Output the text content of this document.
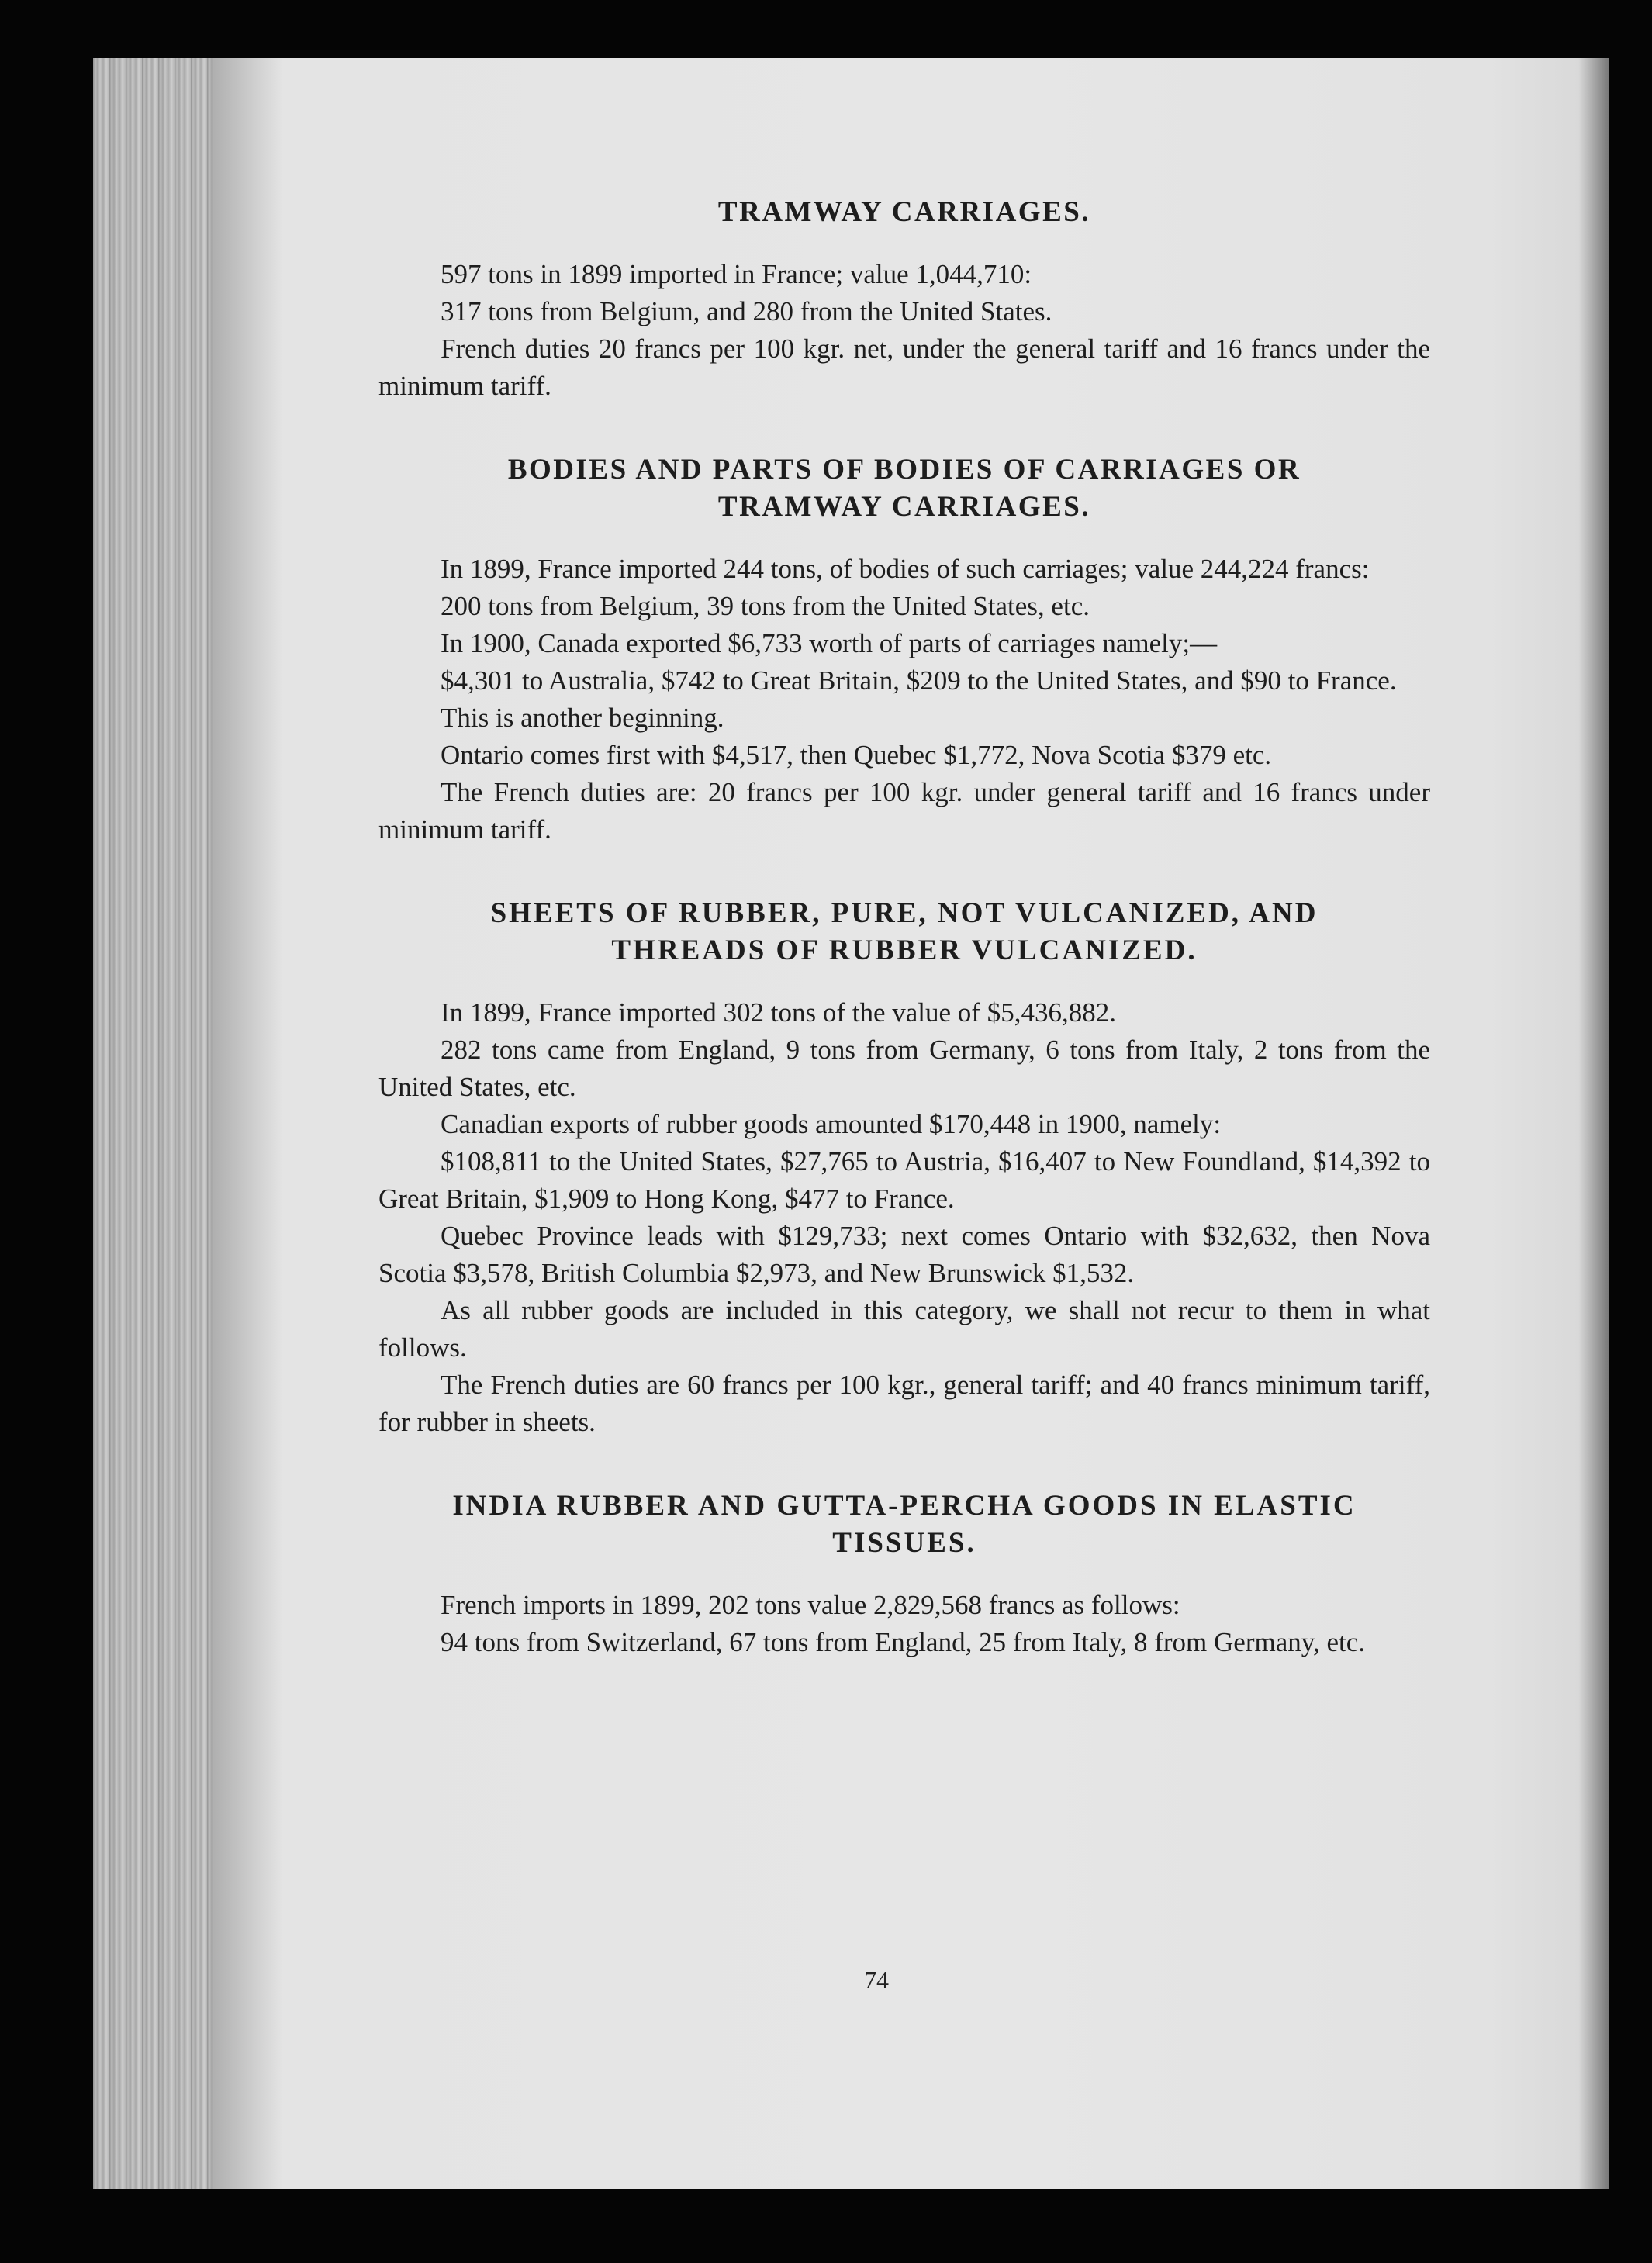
TRAMWAY CARRIAGES.

597 tons in 1899 imported in France; value 1,044,710:

317 tons from Belgium, and 280 from the United States.

French duties 20 francs per 100 kgr. net, under the general tariff and 16 francs under the minimum tariff.

BODIES AND PARTS OF BODIES OF CARRIAGES OR
TRAMWAY CARRIAGES.

In 1899, France imported 244 tons, of bodies of such carriages; value 244,224 francs:

200 tons from Belgium, 39 tons from the United States, etc.

In 1900, Canada exported $6,733 worth of parts of carriages namely;—

$4,301 to Australia, $742 to Great Britain, $209 to the United States, and $90 to France.

This is another beginning.

Ontario comes first with $4,517, then Quebec $1,772, Nova Scotia $379 etc.

The French duties are: 20 francs per 100 kgr. under general tariff and 16 francs under minimum tariff.

SHEETS OF RUBBER, PURE, NOT VULCANIZED, AND
THREADS OF RUBBER VULCANIZED.

In 1899, France imported 302 tons of the value of $5,436,882.

282 tons came from England, 9 tons from Germany, 6 tons from Italy, 2 tons from the United States, etc.

Canadian exports of rubber goods amounted $170,448 in 1900, namely:

$108,811 to the United States, $27,765 to Austria, $16,407 to New Foundland, $14,392 to Great Britain, $1,909 to Hong Kong, $477 to France.

Quebec Province leads with $129,733; next comes Ontario with $32,632, then Nova Scotia $3,578, British Columbia $2,973, and New Brunswick $1,532.

As all rubber goods are included in this category, we shall not recur to them in what follows.

The French duties are 60 francs per 100 kgr., general tariff; and 40 francs minimum tariff, for rubber in sheets.

INDIA RUBBER AND GUTTA-PERCHA GOODS IN ELASTIC
TISSUES.

French imports in 1899, 202 tons value 2,829,568 francs as follows:

94 tons from Switzerland, 67 tons from England, 25 from Italy, 8 from Germany, etc.

74
